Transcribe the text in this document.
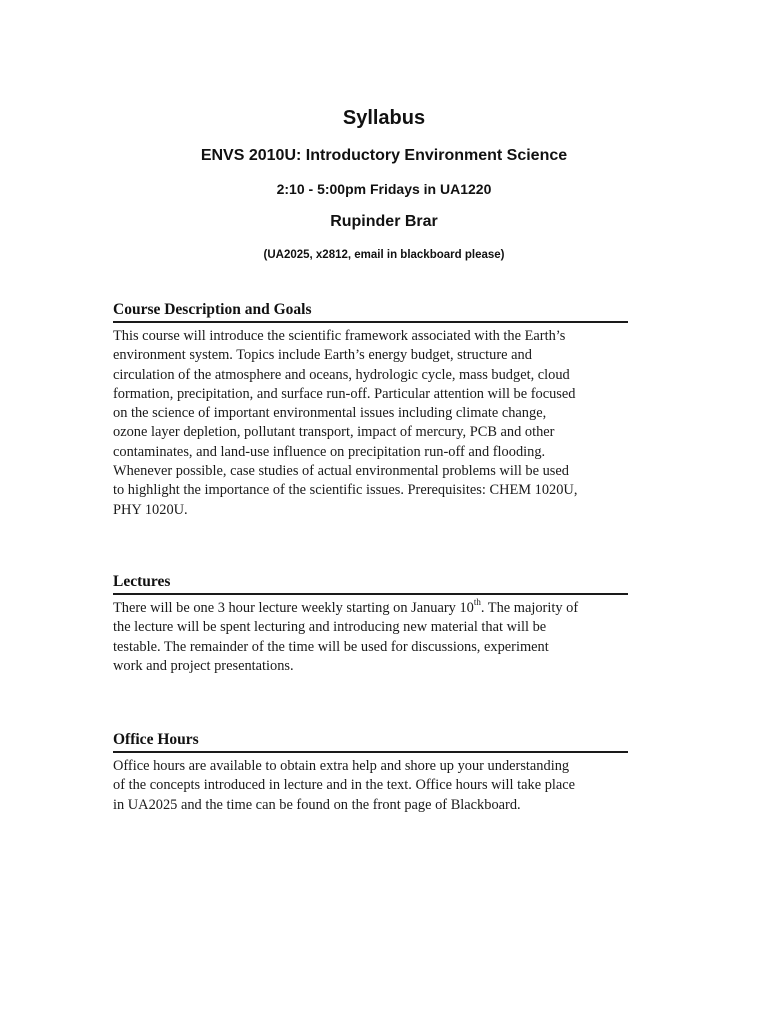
Syllabus
ENVS 2010U: Introductory Environment Science
2:10 - 5:00pm Fridays in UA1220
Rupinder Brar
(UA2025, x2812, email in blackboard please)
Course Description and Goals

This course will introduce the scientific framework associated with the Earth’s
environment system. Topics include Earth’s energy budget, structure and
circulation of the atmosphere and oceans, hydrologic cycle, mass budget, cloud
formation, precipitation, and surface run-off. Particular attention will be focused
on the science of important environmental issues including climate change,
ozone layer depletion, pollutant transport, impact of mercury, PCB and other
contaminates, and land-use influence on precipitation run-off and flooding.
Whenever possible, case studies of actual environmental problems will be used
to highlight the importance of the scientific issues. Prerequisites: CHEM 1020U,
PHY 1020U.

Lectures

There will be one 3 hour lecture weekly starting on January 10th. The majority of
the lecture will be spent lecturing and introducing new material that will be
testable. The remainder of the time will be used for discussions, experiment
work and project presentations.

Office Hours

Office hours are available to obtain extra help and shore up your understanding
of the concepts introduced in lecture and in the text. Office hours will take place
in UA2025 and the time can be found on the front page of Blackboard.
